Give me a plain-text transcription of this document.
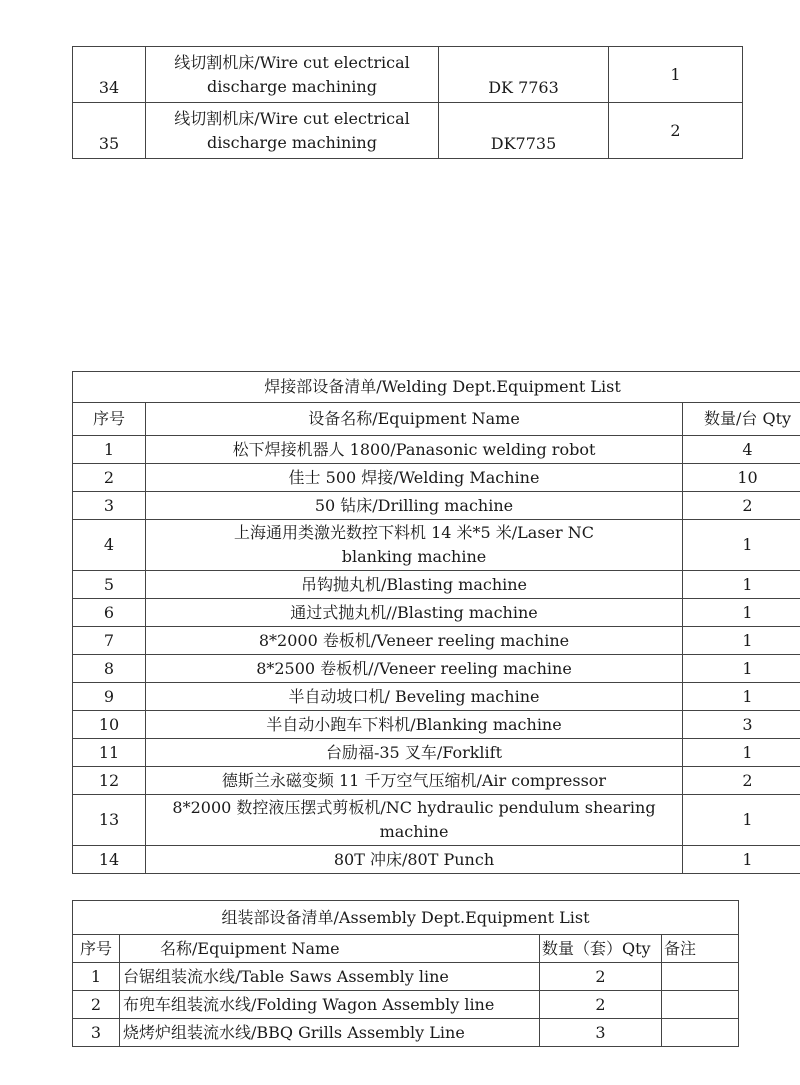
34	线切割机床/Wire cut electrical discharge machining	DK 7763	1
35	线切割机床/Wire cut electrical discharge machining	DK7735	2
焊接部设备清单/Welding Dept.Equipment List		
序号	设备名称/Equipment Name	数量/台 Qty
1	松下焊接机器人 1800/Panasonic welding robot	4
2	佳士 500 焊接/Welding Machine	10
3	50 钻床/Drilling machine	2
4	上海通用类激光数控下料机 14 米*5 米/Laser NC blanking machine	1
5	吊钩抛丸机/Blasting machine	1
6	通过式抛丸机//Blasting machine	1
7	8*2000 卷板机/Veneer reeling machine	1
8	8*2500 卷板机//Veneer reeling machine	1
9	半自动坡口机/ Beveling machine	1
10	半自动小跑车下料机/Blanking machine	3
11	台励福-35 叉车/Forklift	1
12	德斯兰永磁变频 11 千万空气压缩机/Air compressor	2
13	8*2000 数控液压摆式剪板机/NC hydraulic pendulum shearing machine	1
14	80T 冲床/80T Punch	1
组装部设备清单/Assembly Dept.Equipment List			
序号	名称/Equipment Name	数量（套）Qty	备注
1	台锯组装流水线/Table Saws Assembly line	2	
2	布兜车组装流水线/Folding Wagon Assembly line	2	
3	烧烤炉组装流水线/BBQ Grills Assembly Line	3	
